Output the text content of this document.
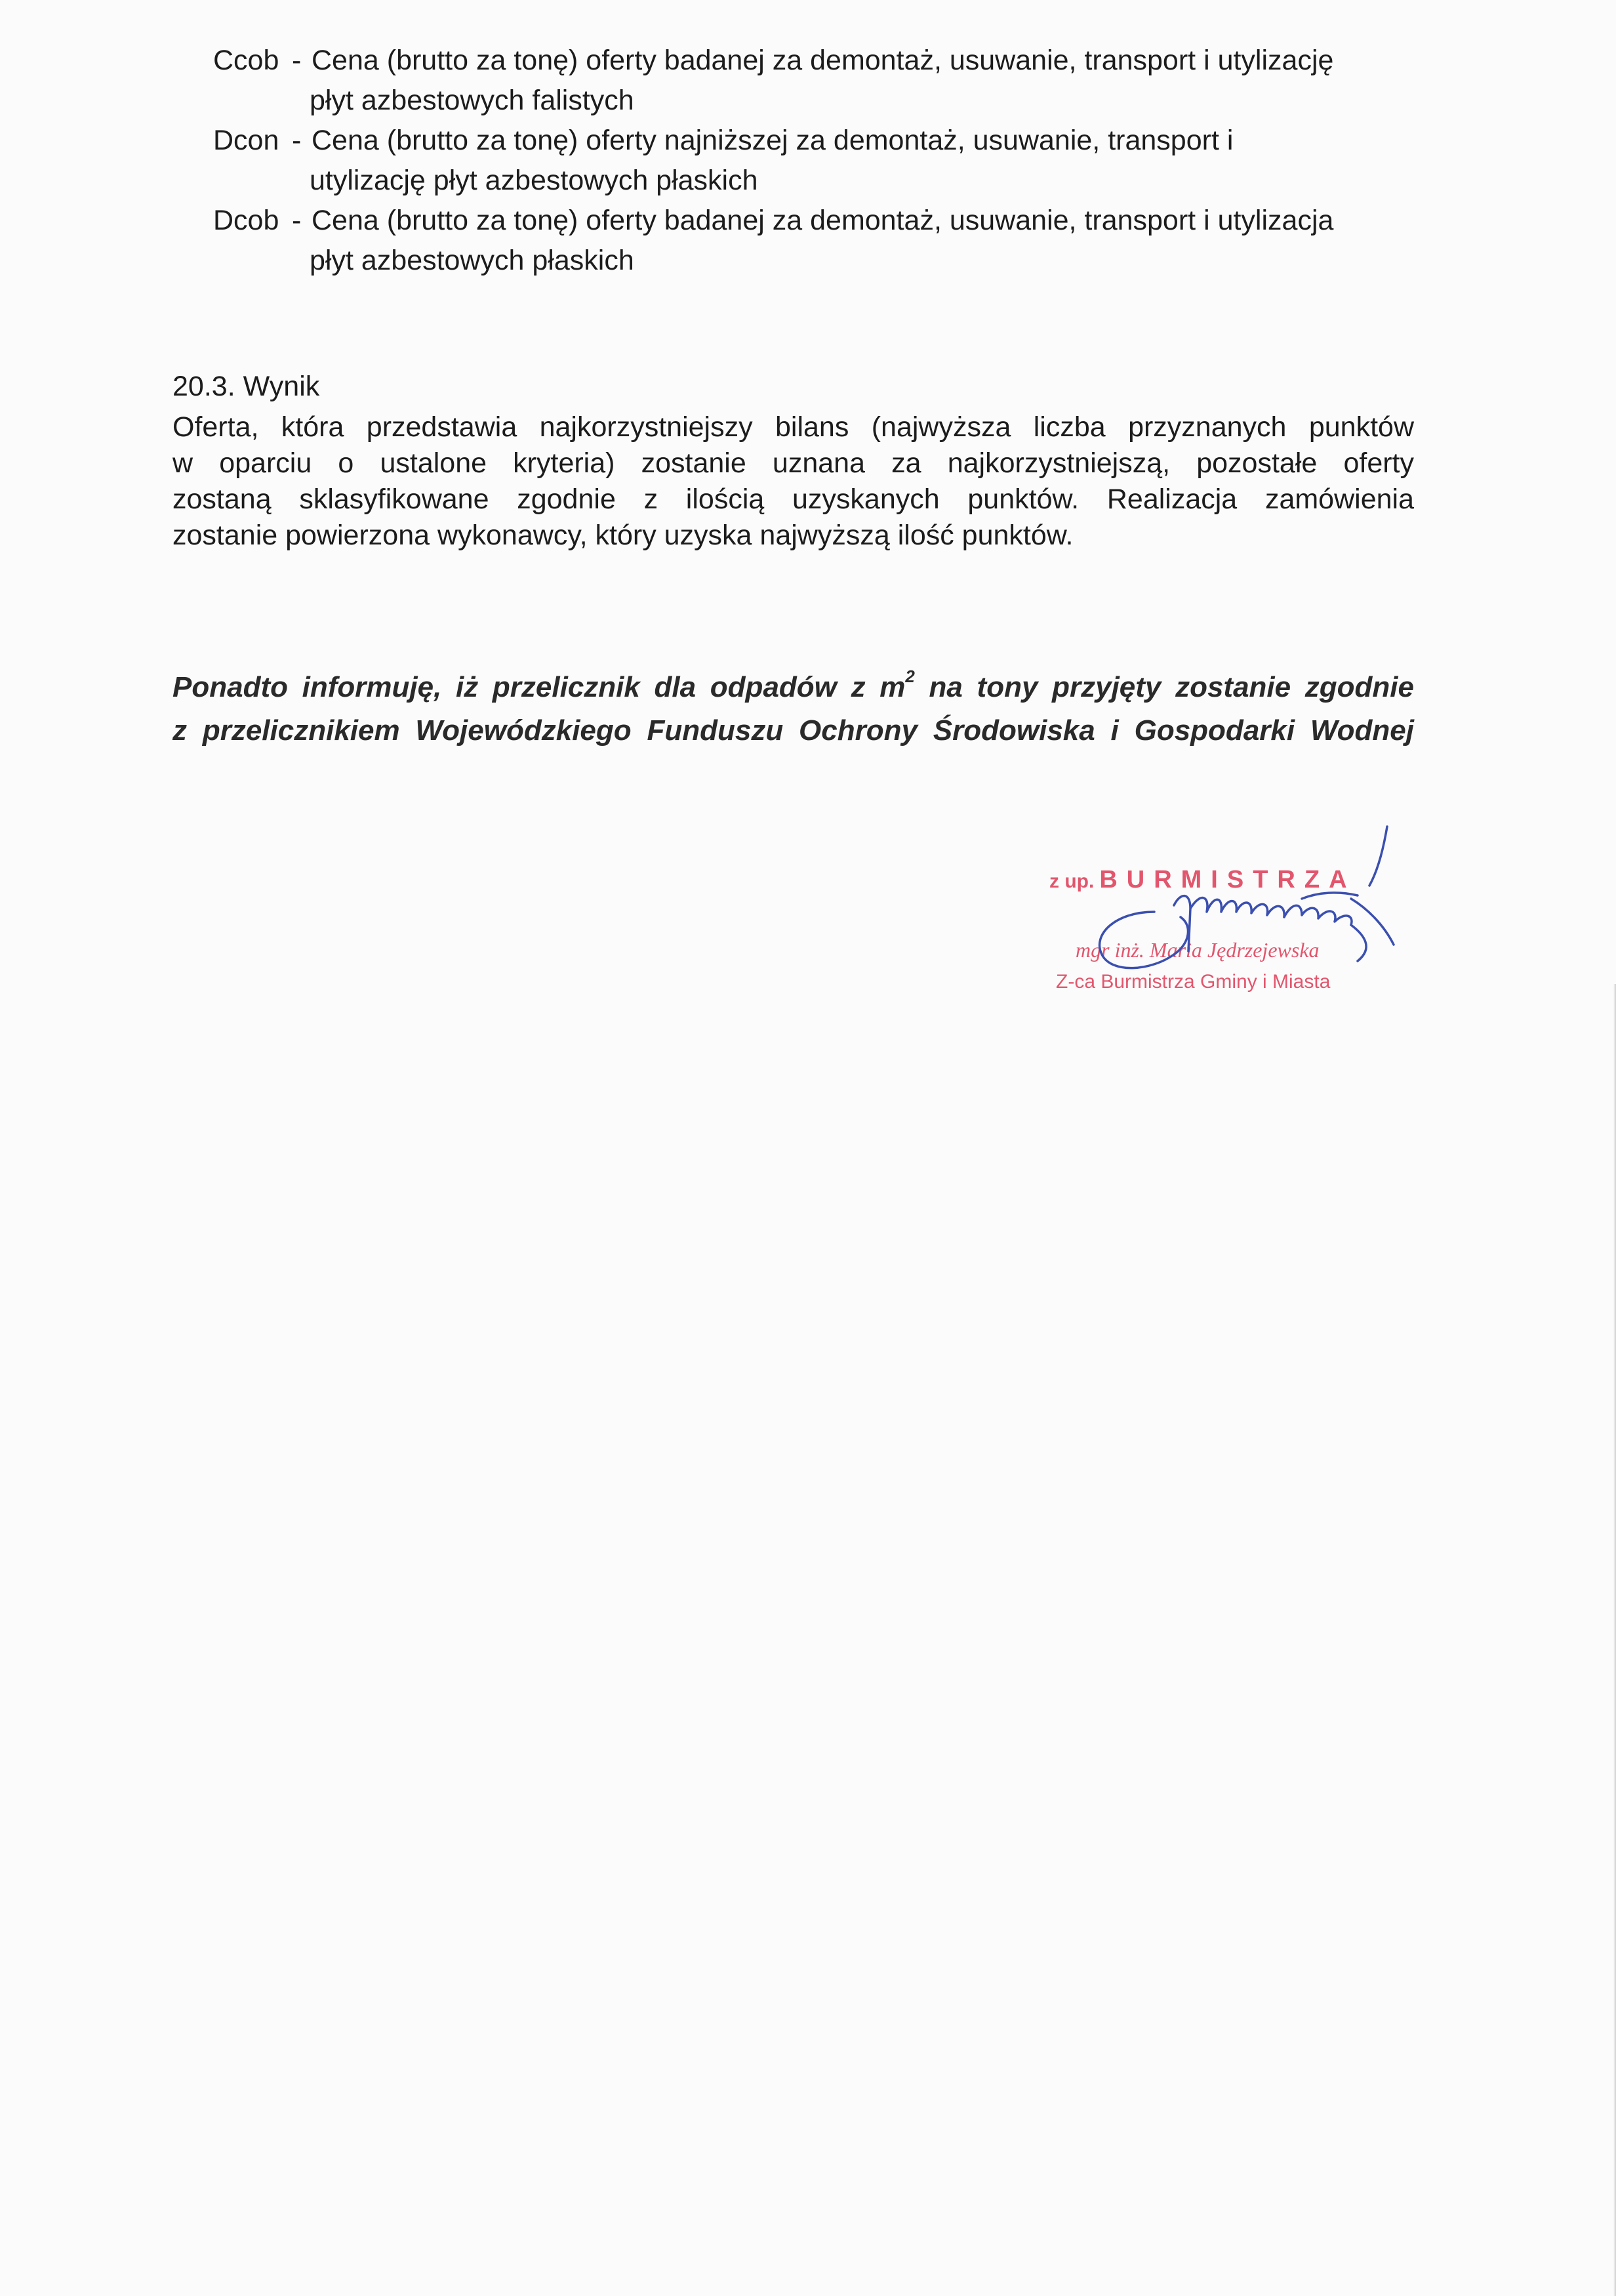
Ccob - Cena (brutto za tonę) oferty badanej za demontaż, usuwanie, transport i utylizację
płyt azbestowych falistych
Dcon - Cena (brutto za tonę) oferty najniższej za demontaż, usuwanie, transport i
utylizację płyt azbestowych płaskich
Dcob - Cena (brutto za tonę) oferty badanej za demontaż, usuwanie, transport i utylizacja
płyt azbestowych płaskich
20.3. Wynik
Oferta, która przedstawia najkorzystniejszy bilans (najwyższa liczba przyznanych punktów
w oparciu o ustalone kryteria) zostanie uznana za najkorzystniejszą, pozostałe oferty
zostaną sklasyfikowane zgodnie z ilością uzyskanych punktów. Realizacja zamówienia
zostanie powierzona wykonawcy, który uzyska najwyższą ilość punktów.
Ponadto informuję, iż przelicznik dla odpadów z $m^2$ na tony przyjęty zostanie zgodnie
z przelicznikiem Wojewódzkiego Funduszu Ochrony Środowiska i Gospodarki Wodnej
z up. BURMISTRZA
mgr inż. Maria Jędrzejewska
Z-ca Burmistrza Gminy i Miasta
